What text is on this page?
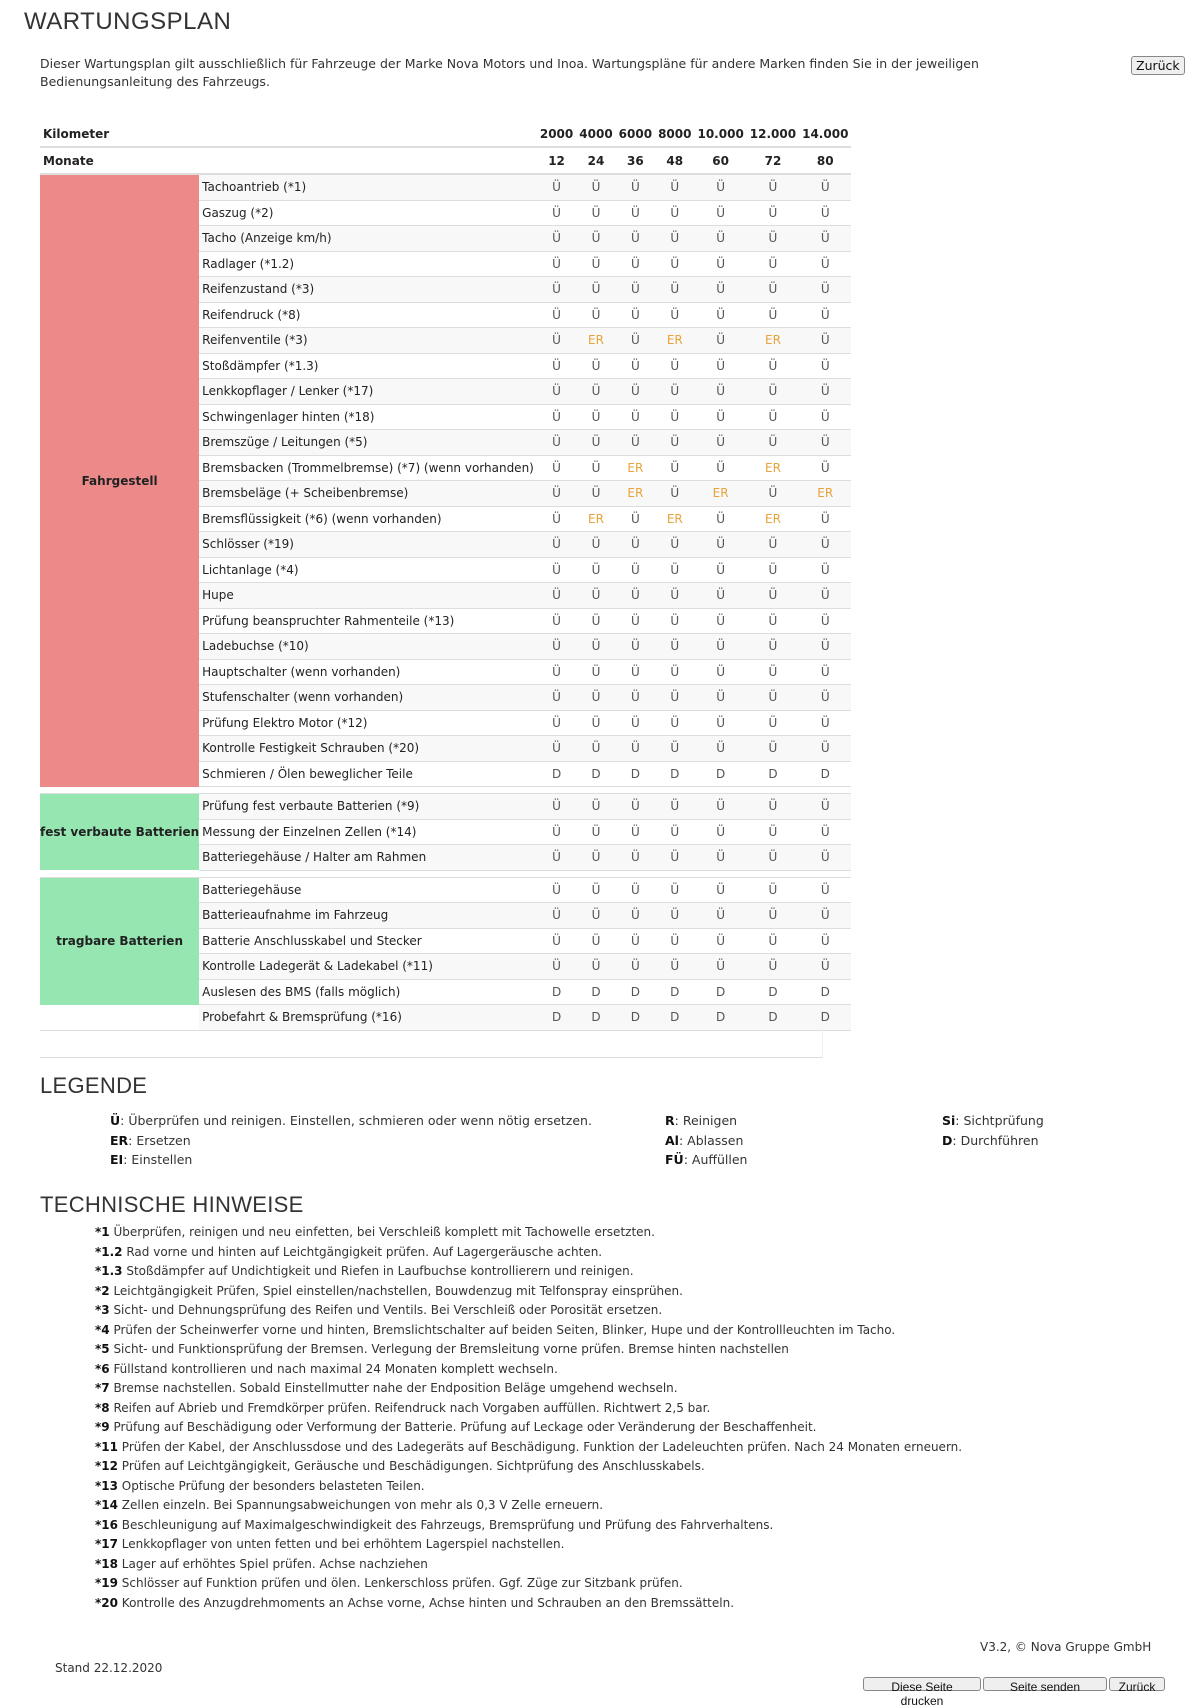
WARTUNGSPLAN
Dieser Wartungsplan gilt ausschließlich für Fahrzeuge der Marke Nova Motors und Inoa. Wartungspläne für andere Marken finden Sie in der jeweiligen Bedienungsanleitung des Fahrzeugs.
Zurück
Kilometer		2000	4000	6000	8000	10.000	12.000	14.000
Monate		12	24	36	48	60	72	80
Fahrgestell	Tachoantrieb (*1)	Ü	Ü	Ü	Ü	Ü	Ü	Ü
	Gaszug (*2)	Ü	Ü	Ü	Ü	Ü	Ü	Ü
	Tacho (Anzeige km/h)	Ü	Ü	Ü	Ü	Ü	Ü	Ü
	Radlager (*1.2)	Ü	Ü	Ü	Ü	Ü	Ü	Ü
	Reifenzustand (*3)	Ü	Ü	Ü	Ü	Ü	Ü	Ü
	Reifendruck (*8)	Ü	Ü	Ü	Ü	Ü	Ü	Ü
	Reifenventile (*3)	Ü	ER	Ü	ER	Ü	ER	Ü
	Stoßdämpfer (*1.3)	Ü	Ü	Ü	Ü	Ü	Ü	Ü
	Lenkkopflager / Lenker (*17)	Ü	Ü	Ü	Ü	Ü	Ü	Ü
	Schwingenlager hinten (*18)	Ü	Ü	Ü	Ü	Ü	Ü	Ü
	Bremszüge / Leitungen (*5)	Ü	Ü	Ü	Ü	Ü	Ü	Ü
	Bremsbacken (Trommelbremse) (*7) (wenn vorhanden)	Ü	Ü	ER	Ü	Ü	ER	Ü
	Bremsbeläge (+ Scheibenbremse)	Ü	Ü	ER	Ü	ER	Ü	ER
	Bremsflüssigkeit (*6) (wenn vorhanden)	Ü	ER	Ü	ER	Ü	ER	Ü
	Schlösser (*19)	Ü	Ü	Ü	Ü	Ü	Ü	Ü
	Lichtanlage (*4)	Ü	Ü	Ü	Ü	Ü	Ü	Ü
	Hupe	Ü	Ü	Ü	Ü	Ü	Ü	Ü
	Prüfung beanspruchter Rahmenteile (*13)	Ü	Ü	Ü	Ü	Ü	Ü	Ü
	Ladebuchse (*10)	Ü	Ü	Ü	Ü	Ü	Ü	Ü
	Hauptschalter (wenn vorhanden)	Ü	Ü	Ü	Ü	Ü	Ü	Ü
	Stufenschalter (wenn vorhanden)	Ü	Ü	Ü	Ü	Ü	Ü	Ü
	Prüfung Elektro Motor (*12)	Ü	Ü	Ü	Ü	Ü	Ü	Ü
	Kontrolle Festigkeit Schrauben (*20)	Ü	Ü	Ü	Ü	Ü	Ü	Ü
	Schmieren / Ölen beweglicher Teile	D	D	D	D	D	D	D

fest verbaute Batterien	Prüfung fest verbaute Batterien (*9)	Ü	Ü	Ü	Ü	Ü	Ü	Ü
	Messung der Einzelnen Zellen (*14)	Ü	Ü	Ü	Ü	Ü	Ü	Ü
	Batteriegehäuse / Halter am Rahmen	Ü	Ü	Ü	Ü	Ü	Ü	Ü

tragbare Batterien	Batteriegehäuse	Ü	Ü	Ü	Ü	Ü	Ü	Ü
	Batterieaufnahme im Fahrzeug	Ü	Ü	Ü	Ü	Ü	Ü	Ü
	Batterie Anschlusskabel und Stecker	Ü	Ü	Ü	Ü	Ü	Ü	Ü
	Kontrolle Ladegerät & Ladekabel (*11)	Ü	Ü	Ü	Ü	Ü	Ü	Ü
	Auslesen des BMS (falls möglich)	D	D	D	D	D	D	D
	Probefahrt & Bremsprüfung (*16)	D	D	D	D	D	D	D
LEGENDE
Ü: Überprüfen und reinigen. Einstellen, schmieren oder wenn nötig ersetzen.
ER: Ersetzen
EI: Einstellen
R: Reinigen
Al: Ablassen
FÜ: Auffüllen
Si: Sichtprüfung
D: Durchführen
TECHNISCHE HINWEISE
*1 Überprüfen, reinigen und neu einfetten, bei Verschleiß komplett mit Tachowelle ersetzten.
*1.2 Rad vorne und hinten auf Leichtgängigkeit prüfen. Auf Lagergeräusche achten.
*1.3 Stoßdämpfer auf Undichtigkeit und Riefen in Laufbuchse kontrollierern und reinigen.
*2 Leichtgängigkeit Prüfen, Spiel einstellen/nachstellen, Bouwdenzug mit Telfonspray einsprühen.
*3 Sicht- und Dehnungsprüfung des Reifen und Ventils. Bei Verschleiß oder Porosität ersetzen.
*4 Prüfen der Scheinwerfer vorne und hinten, Bremslichtschalter auf beiden Seiten, Blinker, Hupe und der Kontrollleuchten im Tacho.
*5 Sicht- und Funktionsprüfung der Bremsen. Verlegung der Bremsleitung vorne prüfen. Bremse hinten nachstellen
*6 Füllstand kontrollieren und nach maximal 24 Monaten komplett wechseln.
*7 Bremse nachstellen. Sobald Einstellmutter nahe der Endposition Beläge umgehend wechseln.
*8 Reifen auf Abrieb und Fremdkörper prüfen. Reifendruck nach Vorgaben auffüllen. Richtwert 2,5 bar.
*9 Prüfung auf Beschädigung oder Verformung der Batterie. Prüfung auf Leckage oder Veränderung der Beschaffenheit.
*11 Prüfen der Kabel, der Anschlussdose und des Ladegeräts auf Beschädigung. Funktion der Ladeleuchten prüfen. Nach 24 Monaten erneuern.
*12 Prüfen auf Leichtgängigkeit, Geräusche und Beschädigungen. Sichtprüfung des Anschlusskabels.
*13 Optische Prüfung der besonders belasteten Teilen.
*14 Zellen einzeln. Bei Spannungsabweichungen von mehr als 0,3 V Zelle erneuern.
*16 Beschleunigung auf Maximalgeschwindigkeit des Fahrzeugs, Bremsprüfung und Prüfung des Fahrverhaltens.
*17 Lenkkopflager von unten fetten und bei erhöhtem Lagerspiel nachstellen.
*18 Lager auf erhöhtes Spiel prüfen. Achse nachziehen
*19 Schlösser auf Funktion prüfen und ölen. Lenkerschloss prüfen. Ggf. Züge zur Sitzbank prüfen.
*20 Kontrolle des Anzugdrehmoments an Achse vorne, Achse hinten und Schrauben an den Bremssätteln.
V3.2, © Nova Gruppe GmbH
Stand 22.12.2020
Diese Seite drucken
Seite senden	Zurück
